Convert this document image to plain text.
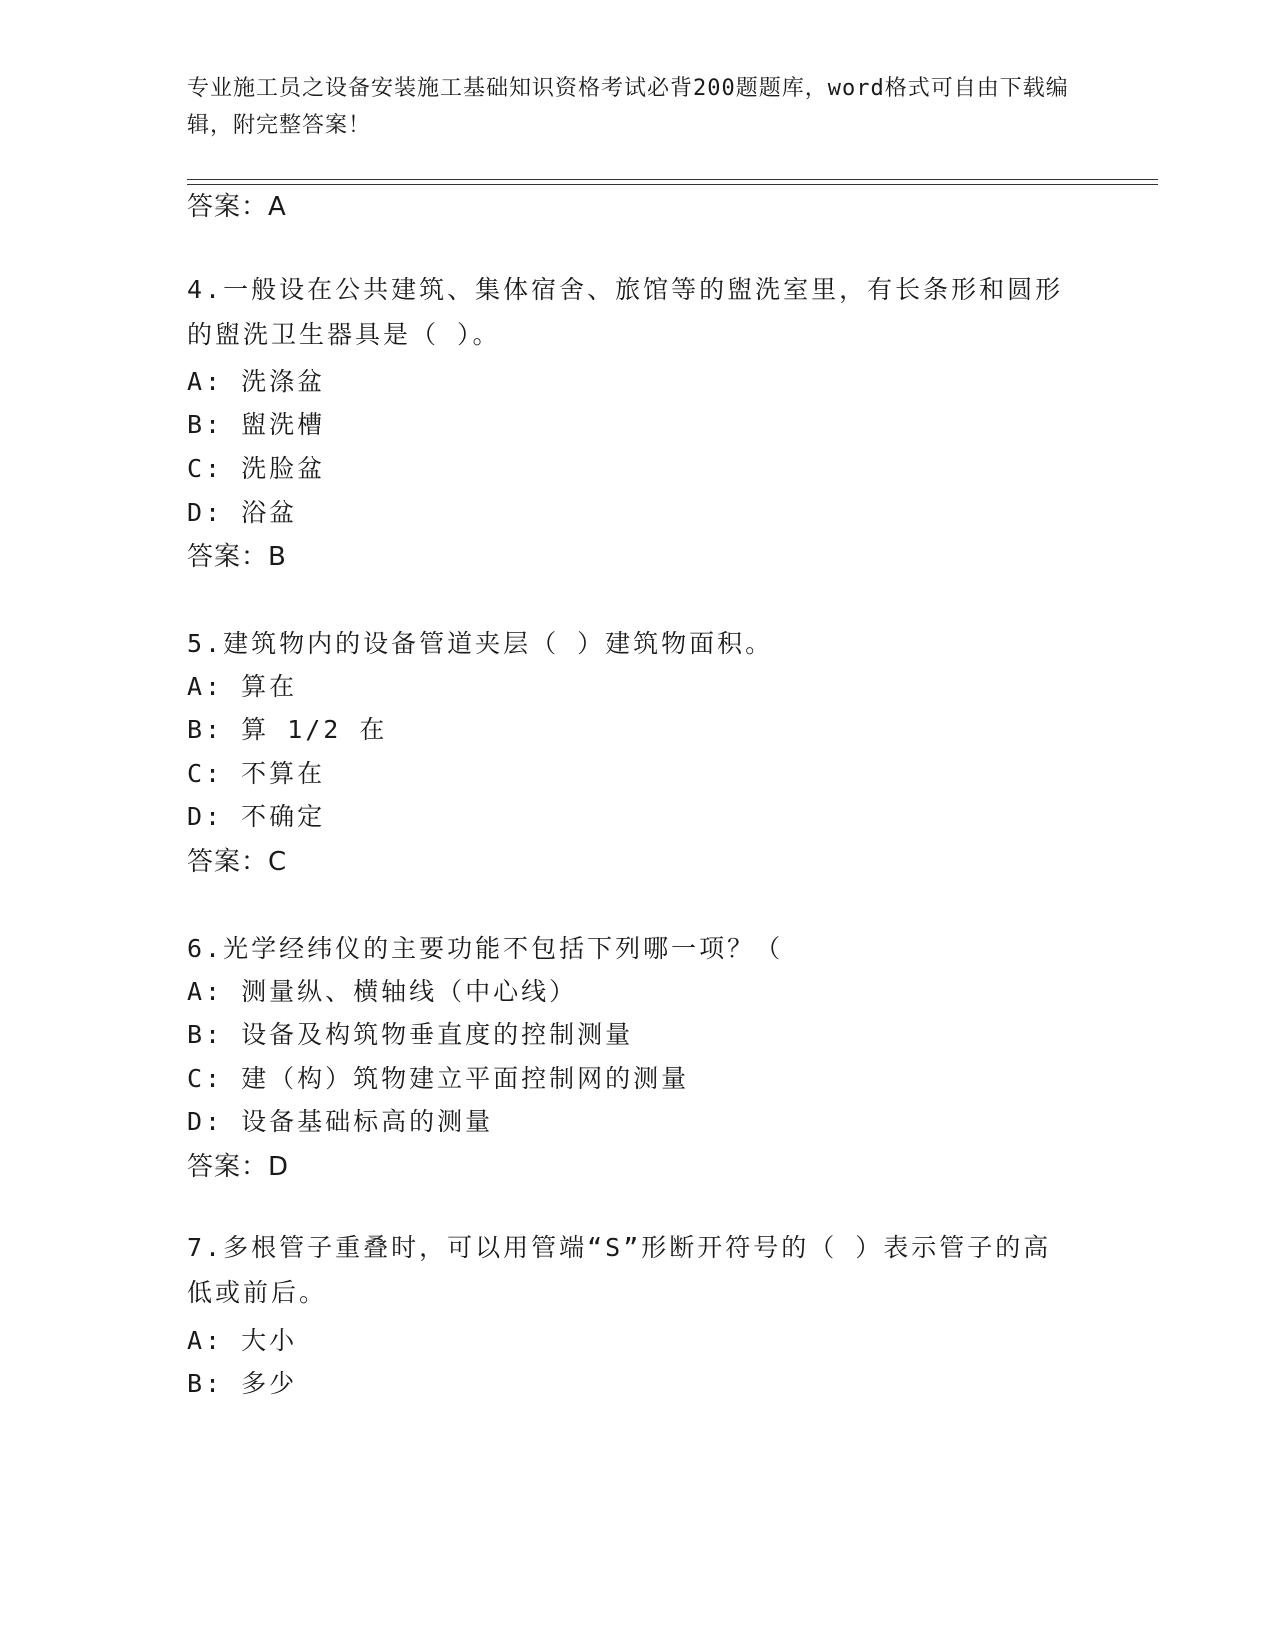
专业施工员之设备安装施工基础知识资格考试必背200题题库，word格式可自由下载编辑，附完整答案！

答案：A

4.一般设在公共建筑、集体宿舍、旅馆等的盥洗室里，有长条形和圆形的盥洗卫生器具是（ ）。

A: 洗涤盆

B: 盥洗槽

C: 洗脸盆

D: 浴盆

答案：B

5.建筑物内的设备管道夹层（ ）建筑物面积。

A: 算在

B: 算 1/2 在

C: 不算在

D: 不确定

答案：C

6.光学经纬仪的主要功能不包括下列哪一项？（

A: 测量纵、横轴线（中心线）

B: 设备及构筑物垂直度的控制测量

C: 建（构）筑物建立平面控制网的测量

D: 设备基础标高的测量

答案：D

7.多根管子重叠时，可以用管端“S”形断开符号的（ ）表示管子的高低或前后。

A: 大小

B: 多少
